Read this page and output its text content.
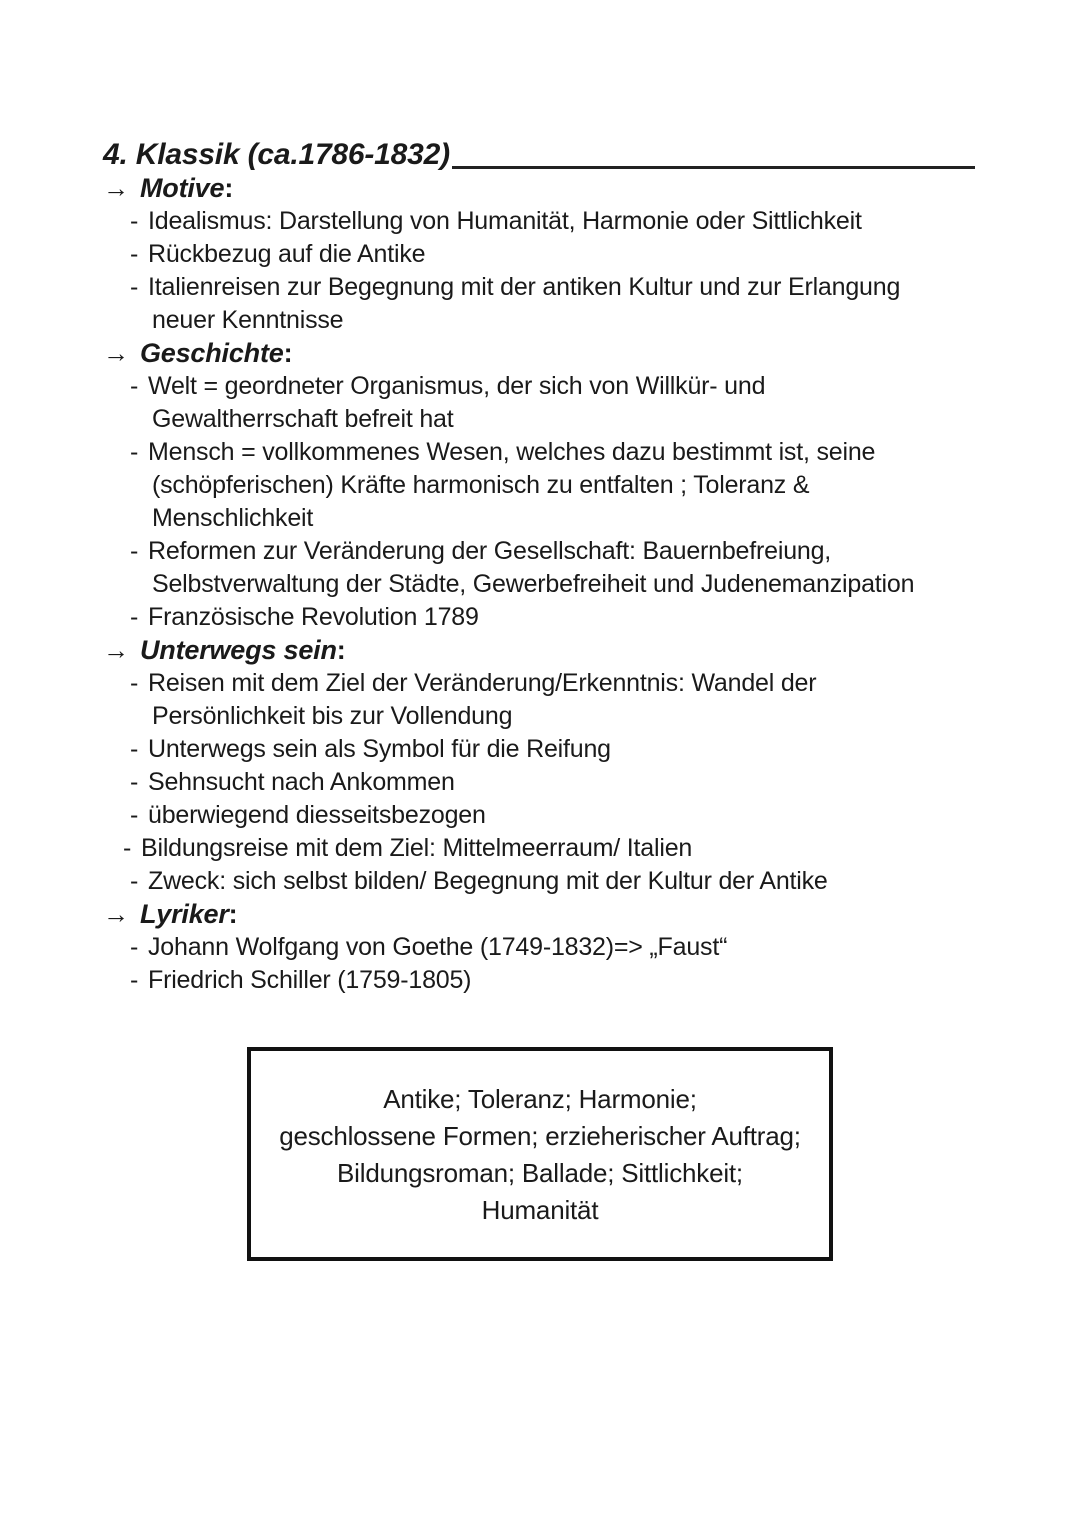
4. Klassik (ca.1786-1832)
→ Motive :
- Idealismus: Darstellung von Humanität, Harmonie oder Sittlichkeit
- Rückbezug auf die Antike
- Italienreisen zur Begegnung mit der antiken Kultur und zur Erlangung
neuer Kenntnisse
→ Geschichte :
- Welt = geordneter Organismus, der sich von Willkür- und
Gewaltherrschaft befreit hat
- Mensch = vollkommenes Wesen, welches dazu bestimmt ist, seine
(schöpferischen) Kräfte harmonisch zu entfalten ; Toleranz &
Menschlichkeit
- Reformen zur Veränderung der Gesellschaft: Bauernbefreiung,
Selbstverwaltung der Städte, Gewerbefreiheit und Judenemanzipation
- Französische Revolution 1789
→ Unterwegs sein :
- Reisen mit dem Ziel der Veränderung/Erkenntnis: Wandel der
Persönlichkeit bis zur Vollendung
- Unterwegs sein als Symbol für die Reifung
- Sehnsucht nach Ankommen
- überwiegend diesseitsbezogen
- Bildungsreise mit dem Ziel: Mittelmeerraum/ Italien
- Zweck: sich selbst bilden/ Begegnung mit der Kultur der Antike
→ Lyriker :
- Johann Wolfgang von Goethe (1749-1832)=> „Faust“
- Friedrich Schiller (1759-1805)
Antike; Toleranz; Harmonie;
geschlossene Formen; erzieherischer Auftrag;
Bildungsroman; Ballade; Sittlichkeit;
Humanität
